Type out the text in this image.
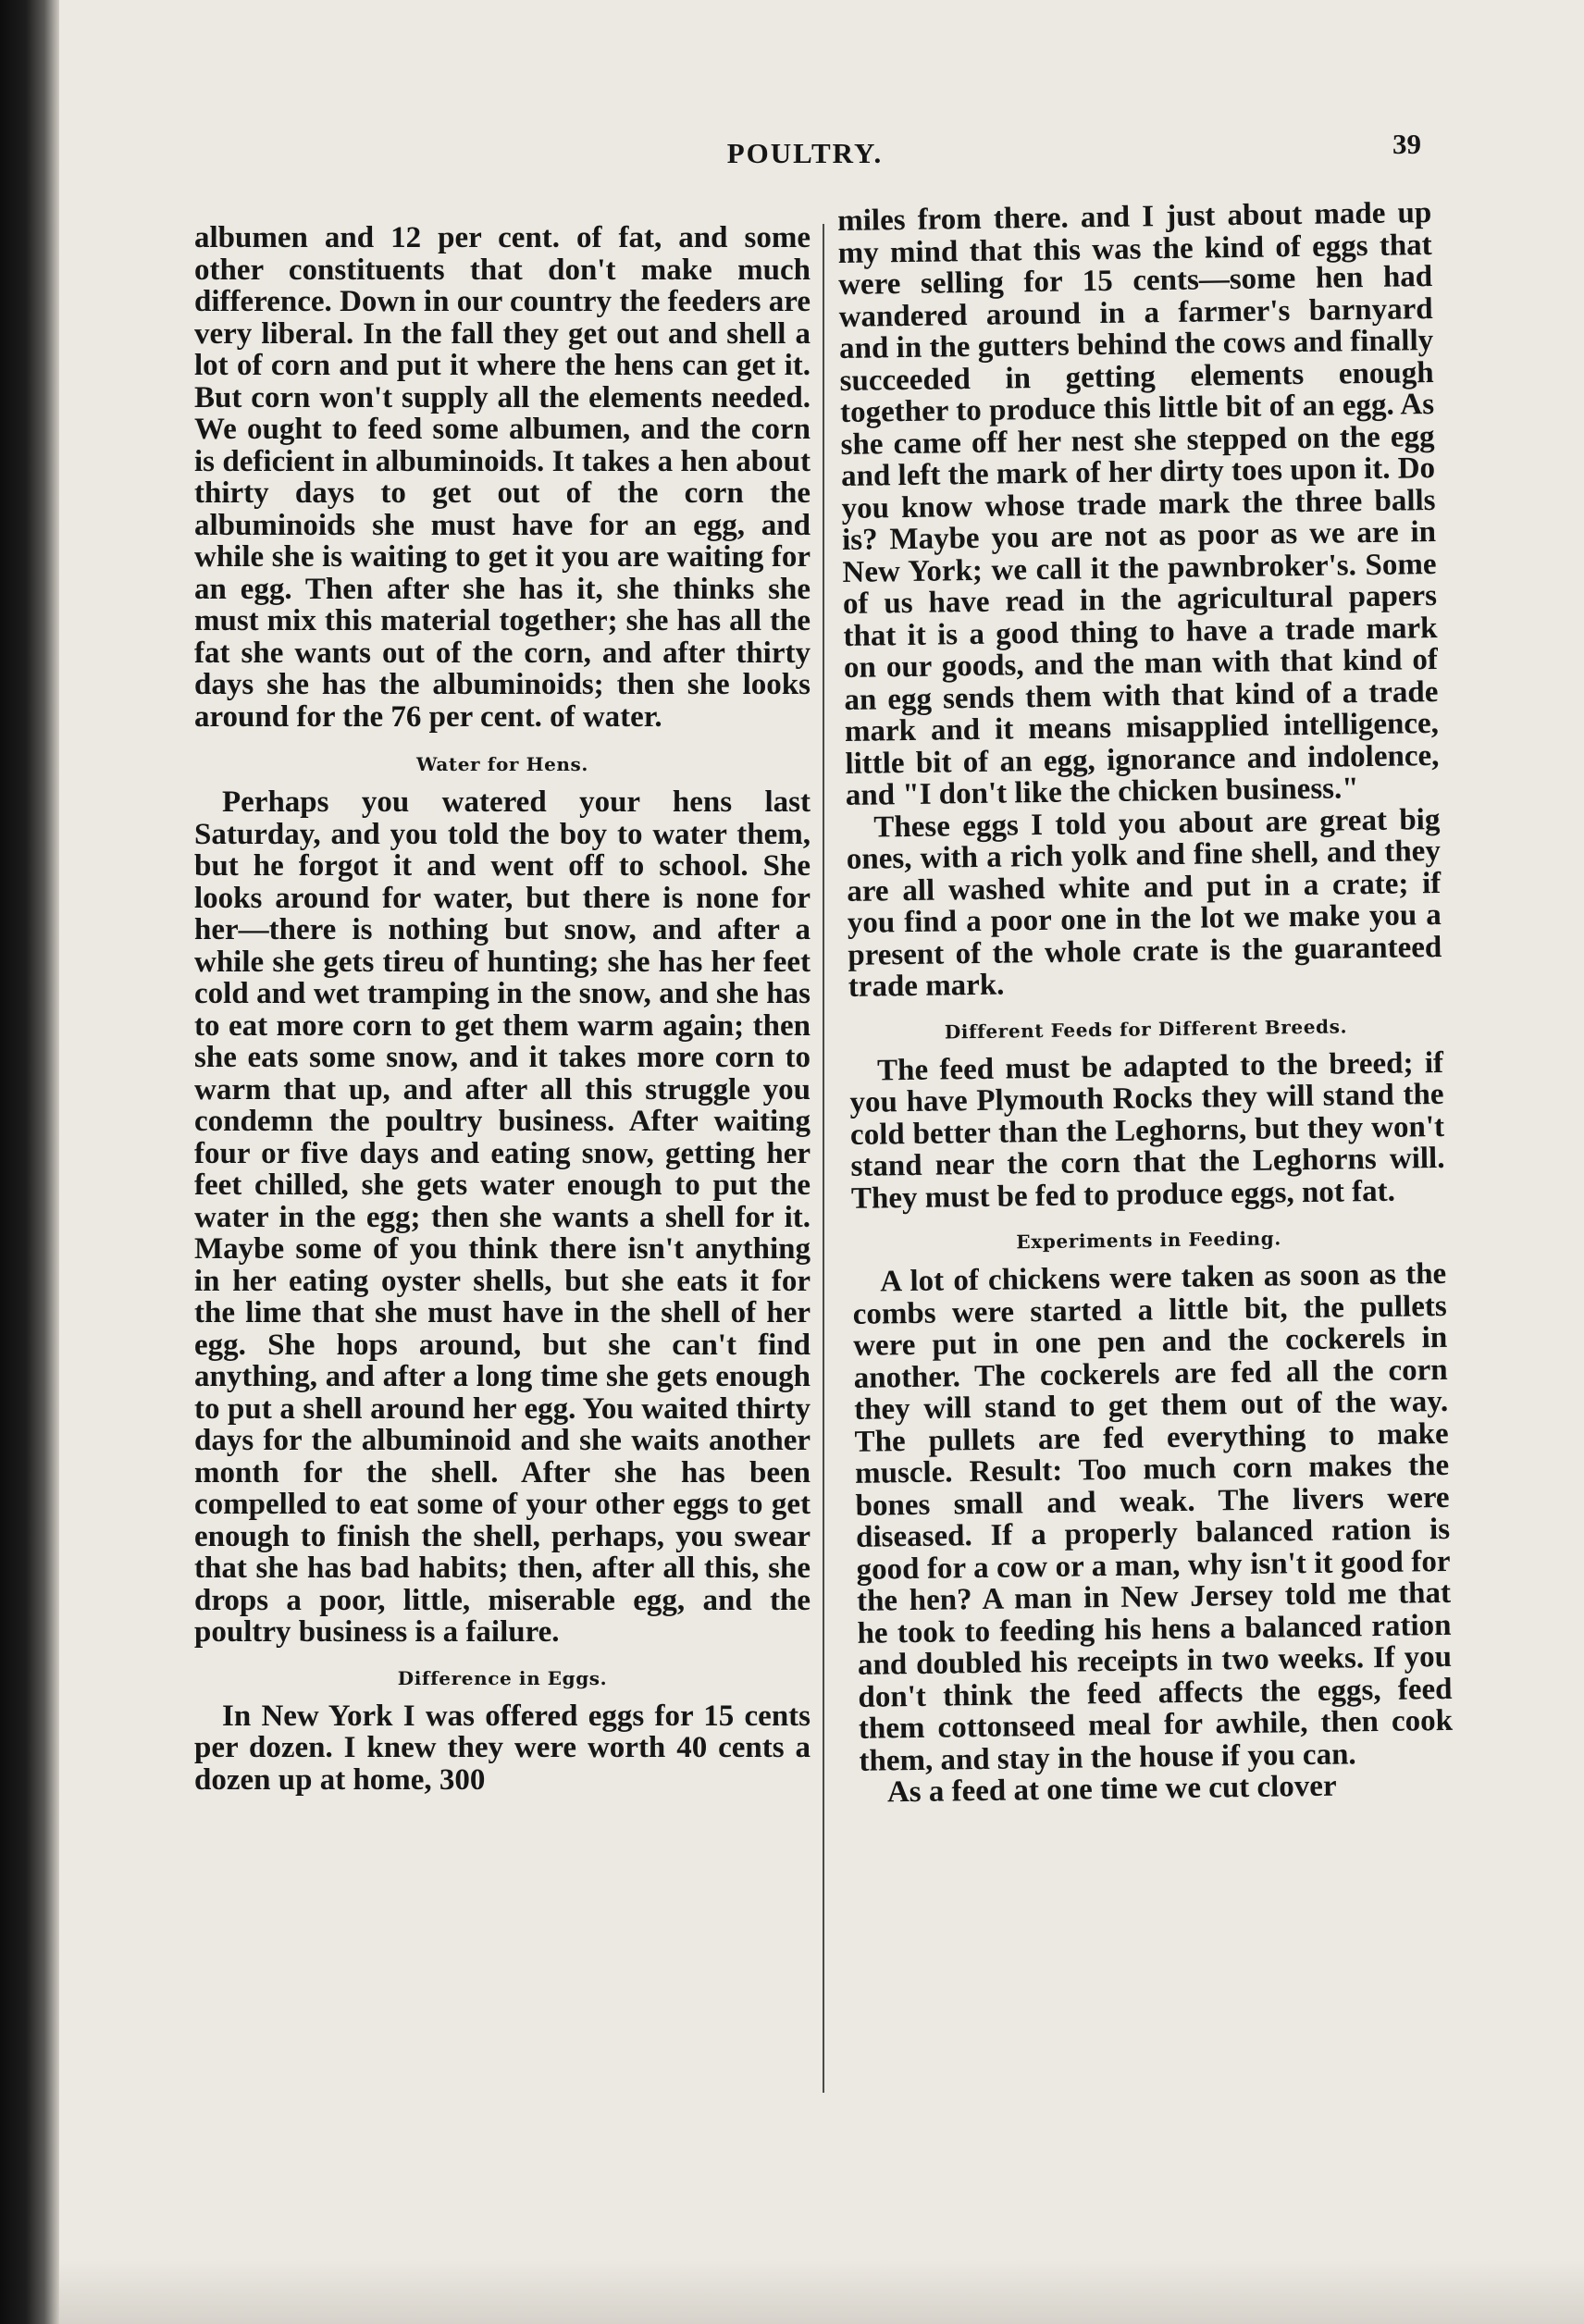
POULTRY.	39

albumen and 12 per cent. of fat, and some other constituents that don't make much difference. Down in our country the feeders are very liberal. In the fall they get out and shell a lot of corn and put it where the hens can get it. But corn won't supply all the elements needed. We ought to feed some albumen, and the corn is deficient in albuminoids. It takes a hen about thirty days to get out of the corn the albuminoids she must have for an egg, and while she is waiting to get it you are waiting for an egg. Then after she has it, she thinks she must mix this material together; she has all the fat she wants out of the corn, and after thirty days she has the albuminoids; then she looks around for the 76 per cent. of water.

Water for Hens.

Perhaps you watered your hens last Saturday, and you told the boy to water them, but he forgot it and went off to school. She looks around for water, but there is none for her—there is nothing but snow, and after a while she gets tireu of hunting; she has her feet cold and wet tramping in the snow, and she has to eat more corn to get them warm again; then she eats some snow, and it takes more corn to warm that up, and after all this struggle you condemn the poultry business. After waiting four or five days and eating snow, getting her feet chilled, she gets water enough to put the water in the egg; then she wants a shell for it. Maybe some of you think there isn't anything in her eating oyster shells, but she eats it for the lime that she must have in the shell of her egg. She hops around, but she can't find anything, and after a long time she gets enough to put a shell around her egg. You waited thirty days for the albuminoid and she waits another month for the shell. After she has been compelled to eat some of your other eggs to get enough to finish the shell, perhaps, you swear that she has bad habits; then, after all this, she drops a poor, little, miserable egg, and the poultry business is a failure.

Difference in Eggs.

In New York I was offered eggs for 15 cents per dozen. I knew they were worth 40 cents a dozen up at home, 300

miles from there. and I just about made up my mind that this was the kind of eggs that were selling for 15 cents—some hen had wandered around in a farmer's barnyard and in the gutters behind the cows and finally succeeded in getting elements enough together to produce this little bit of an egg. As she came off her nest she stepped on the egg and left the mark of her dirty toes upon it. Do you know whose trade mark the three balls is? Maybe you are not as poor as we are in New York; we call it the pawnbroker's. Some of us have read in the agricultural papers that it is a good thing to have a trade mark on our goods, and the man with that kind of an egg sends them with that kind of a trade mark and it means misapplied intelligence, little bit of an egg, ignorance and indolence, and "I don't like the chicken business."

These eggs I told you about are great big ones, with a rich yolk and fine shell, and they are all washed white and put in a crate; if you find a poor one in the lot we make you a present of the whole crate is the guaranteed trade mark.

Different Feeds for Different Breeds.

The feed must be adapted to the breed; if you have Plymouth Rocks they will stand the cold better than the Leghorns, but they won't stand near the corn that the Leghorns will. They must be fed to produce eggs, not fat.

Experiments in Feeding.

A lot of chickens were taken as soon as the combs were started a little bit, the pullets were put in one pen and the cockerels in another. The cockerels are fed all the corn they will stand to get them out of the way. The pullets are fed everything to make muscle. Result: Too much corn makes the bones small and weak. The livers were diseased. If a properly balanced ration is good for a cow or a man, why isn't it good for the hen? A man in New Jersey told me that he took to feeding his hens a balanced ration and doubled his receipts in two weeks. If you don't think the feed affects the eggs, feed them cottonseed meal for awhile, then cook them, and stay in the house if you can.

As a feed at one time we cut clover
